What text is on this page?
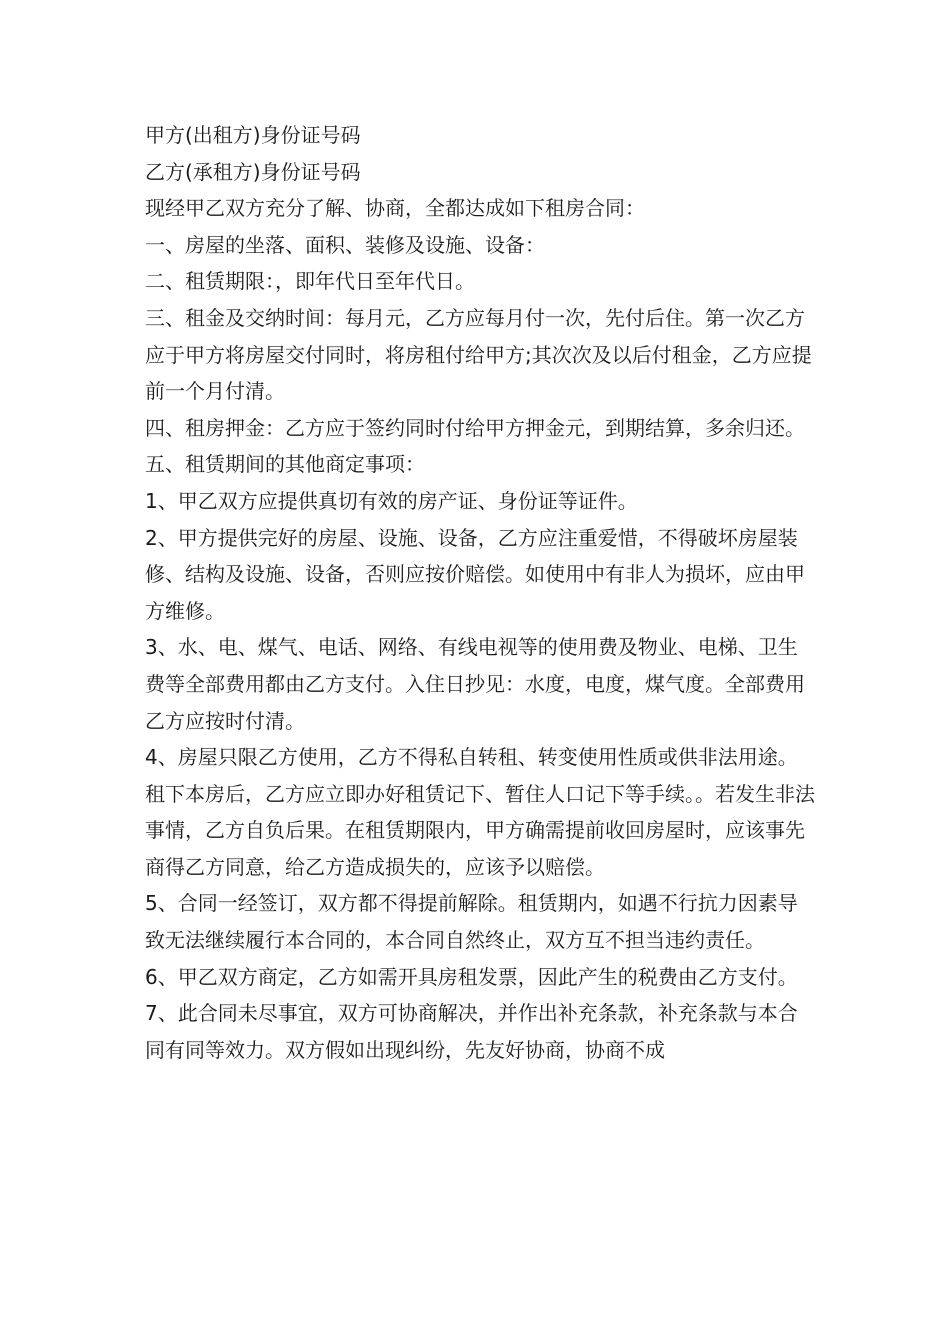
甲方(出租方)身份证号码

乙方(承租方)身份证号码

现经甲乙双方充分了解、协商，全都达成如下租房合同：

一、房屋的坐落、面积、装修及设施、设备：

二、租赁期限：，即年代日至年代日。

三、租金及交纳时间：每月元，乙方应每月付一次，先付后住。第一次乙方应于甲方将房屋交付同时，将房租付给甲方;其次次及以后付租金，乙方应提前一个月付清。

四、租房押金：乙方应于签约同时付给甲方押金元，到期结算，多余归还。

五、租赁期间的其他商定事项：

1、甲乙双方应提供真切有效的房产证、身份证等证件。

2、甲方提供完好的房屋、设施、设备，乙方应注重爱惜，不得破坏房屋装修、结构及设施、设备，否则应按价赔偿。如使用中有非人为损坏，应由甲方维修。

3、水、电、煤气、电话、网络、有线电视等的使用费及物业、电梯、卫生费等全部费用都由乙方支付。入住日抄见：水度，电度，煤气度。全部费用乙方应按时付清。

4、房屋只限乙方使用，乙方不得私自转租、转变使用性质或供非法用途。租下本房后，乙方应立即办好租赁记下、暂住人口记下等手续。。若发生非法事情，乙方自负后果。在租赁期限内，甲方确需提前收回房屋时，应该事先商得乙方同意，给乙方造成损失的，应该予以赔偿。

5、合同一经签订，双方都不得提前解除。租赁期内，如遇不行抗力因素导致无法继续履行本合同的，本合同自然终止，双方互不担当违约责任。

6、甲乙双方商定，乙方如需开具房租发票，因此产生的税费由乙方支付。

7、此合同未尽事宜，双方可协商解决，并作出补充条款，补充条款与本合同有同等效力。双方假如出现纠纷，先友好协商，协商不成
